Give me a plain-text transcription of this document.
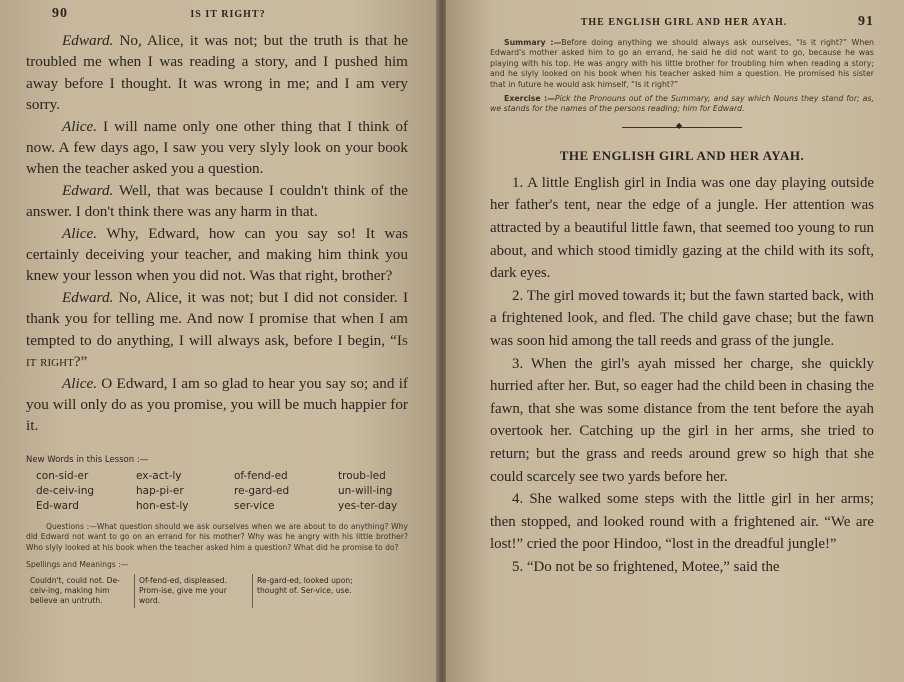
90	IS IT RIGHT?

Edward. No, Alice, it was not; but the truth is that he troubled me when I was reading a story, and I pushed him away before I thought. It was wrong in me; and I am very sorry.

Alice. I will name only one other thing that I think of now. A few days ago, I saw you very slyly look on your book when the teacher asked you a question.

Edward. Well, that was because I couldn't think of the answer. I don't think there was any harm in that.

Alice. Why, Edward, how can you say so! It was certainly deceiving your teacher, and making him think you knew your lesson when you did not. Was that right, brother?

Edward. No, Alice, it was not; but I did not consider. I thank you for telling me. And now I promise that when I am tempted to do anything, I will always ask, before I begin, “Is it right?”

Alice. O Edward, I am so glad to hear you say so; and if you will only do as you promise, you will be much happier for it.

New Words in this Lesson :—
con-sid-er	ex-act-ly	of-fend-ed	troub-led
de-ceiv-ing	hap-pi-er	re-gard-ed	un-will-ing
Ed-ward	hon-est-ly	ser-vice	yes-ter-day
Questions :—What question should we ask ourselves when we are about to do anything? Why did Edward not want to go on an errand for his mother? Why was he angry with his little brother? Who slyly looked at his book when the teacher asked him a question? What did he promise to do?
Spellings and Meanings :—
Couldn't, could not. De-ceiv-ing, making him believe an untruth.
Of-fend-ed, displeased. Prom-ise, give me your word.
Re-gard-ed, looked upon; thought of. Ser-vice, use.
THE ENGLISH GIRL AND HER AYAH.	91

Summary :—Before doing anything we should always ask ourselves, “Is it right?” When Edward's mother asked him to go an errand, he said he did not want to go, because he was playing with his top. He was angry with his little brother for troubling him when reading a story; and he slyly looked on his book when his teacher asked him a question. He promised his sister that in future he would ask himself, “Is it right?”

Exercise :—Pick the Pronouns out of the Summary, and say which Nouns they stand for; as, we stands for the names of the persons reading; him for Edward.

◆
THE ENGLISH GIRL AND HER AYAH.

1. A little English girl in India was one day playing outside her father's tent, near the edge of a jungle. Her attention was attracted by a beautiful little fawn, that seemed too young to run about, and which stood timidly gazing at the child with its soft, dark eyes.

2. The girl moved towards it; but the fawn started back, with a frightened look, and fled. The child gave chase; but the fawn was soon hid among the tall reeds and grass of the jungle.

3. When the girl's ayah missed her charge, she quickly hurried after her. But, so eager had the child been in chasing the fawn, that she was some distance from the tent before the ayah overtook her. Catching up the girl in her arms, she tried to return; but the grass and reeds around grew so high that she could scarcely see two yards before her.

4. She walked some steps with the little girl in her arms; then stopped, and looked round with a frightened air. “We are lost!” cried the poor Hindoo, “lost in the dreadful jungle!”

5. “Do not be so frightened, Motee,” said the
